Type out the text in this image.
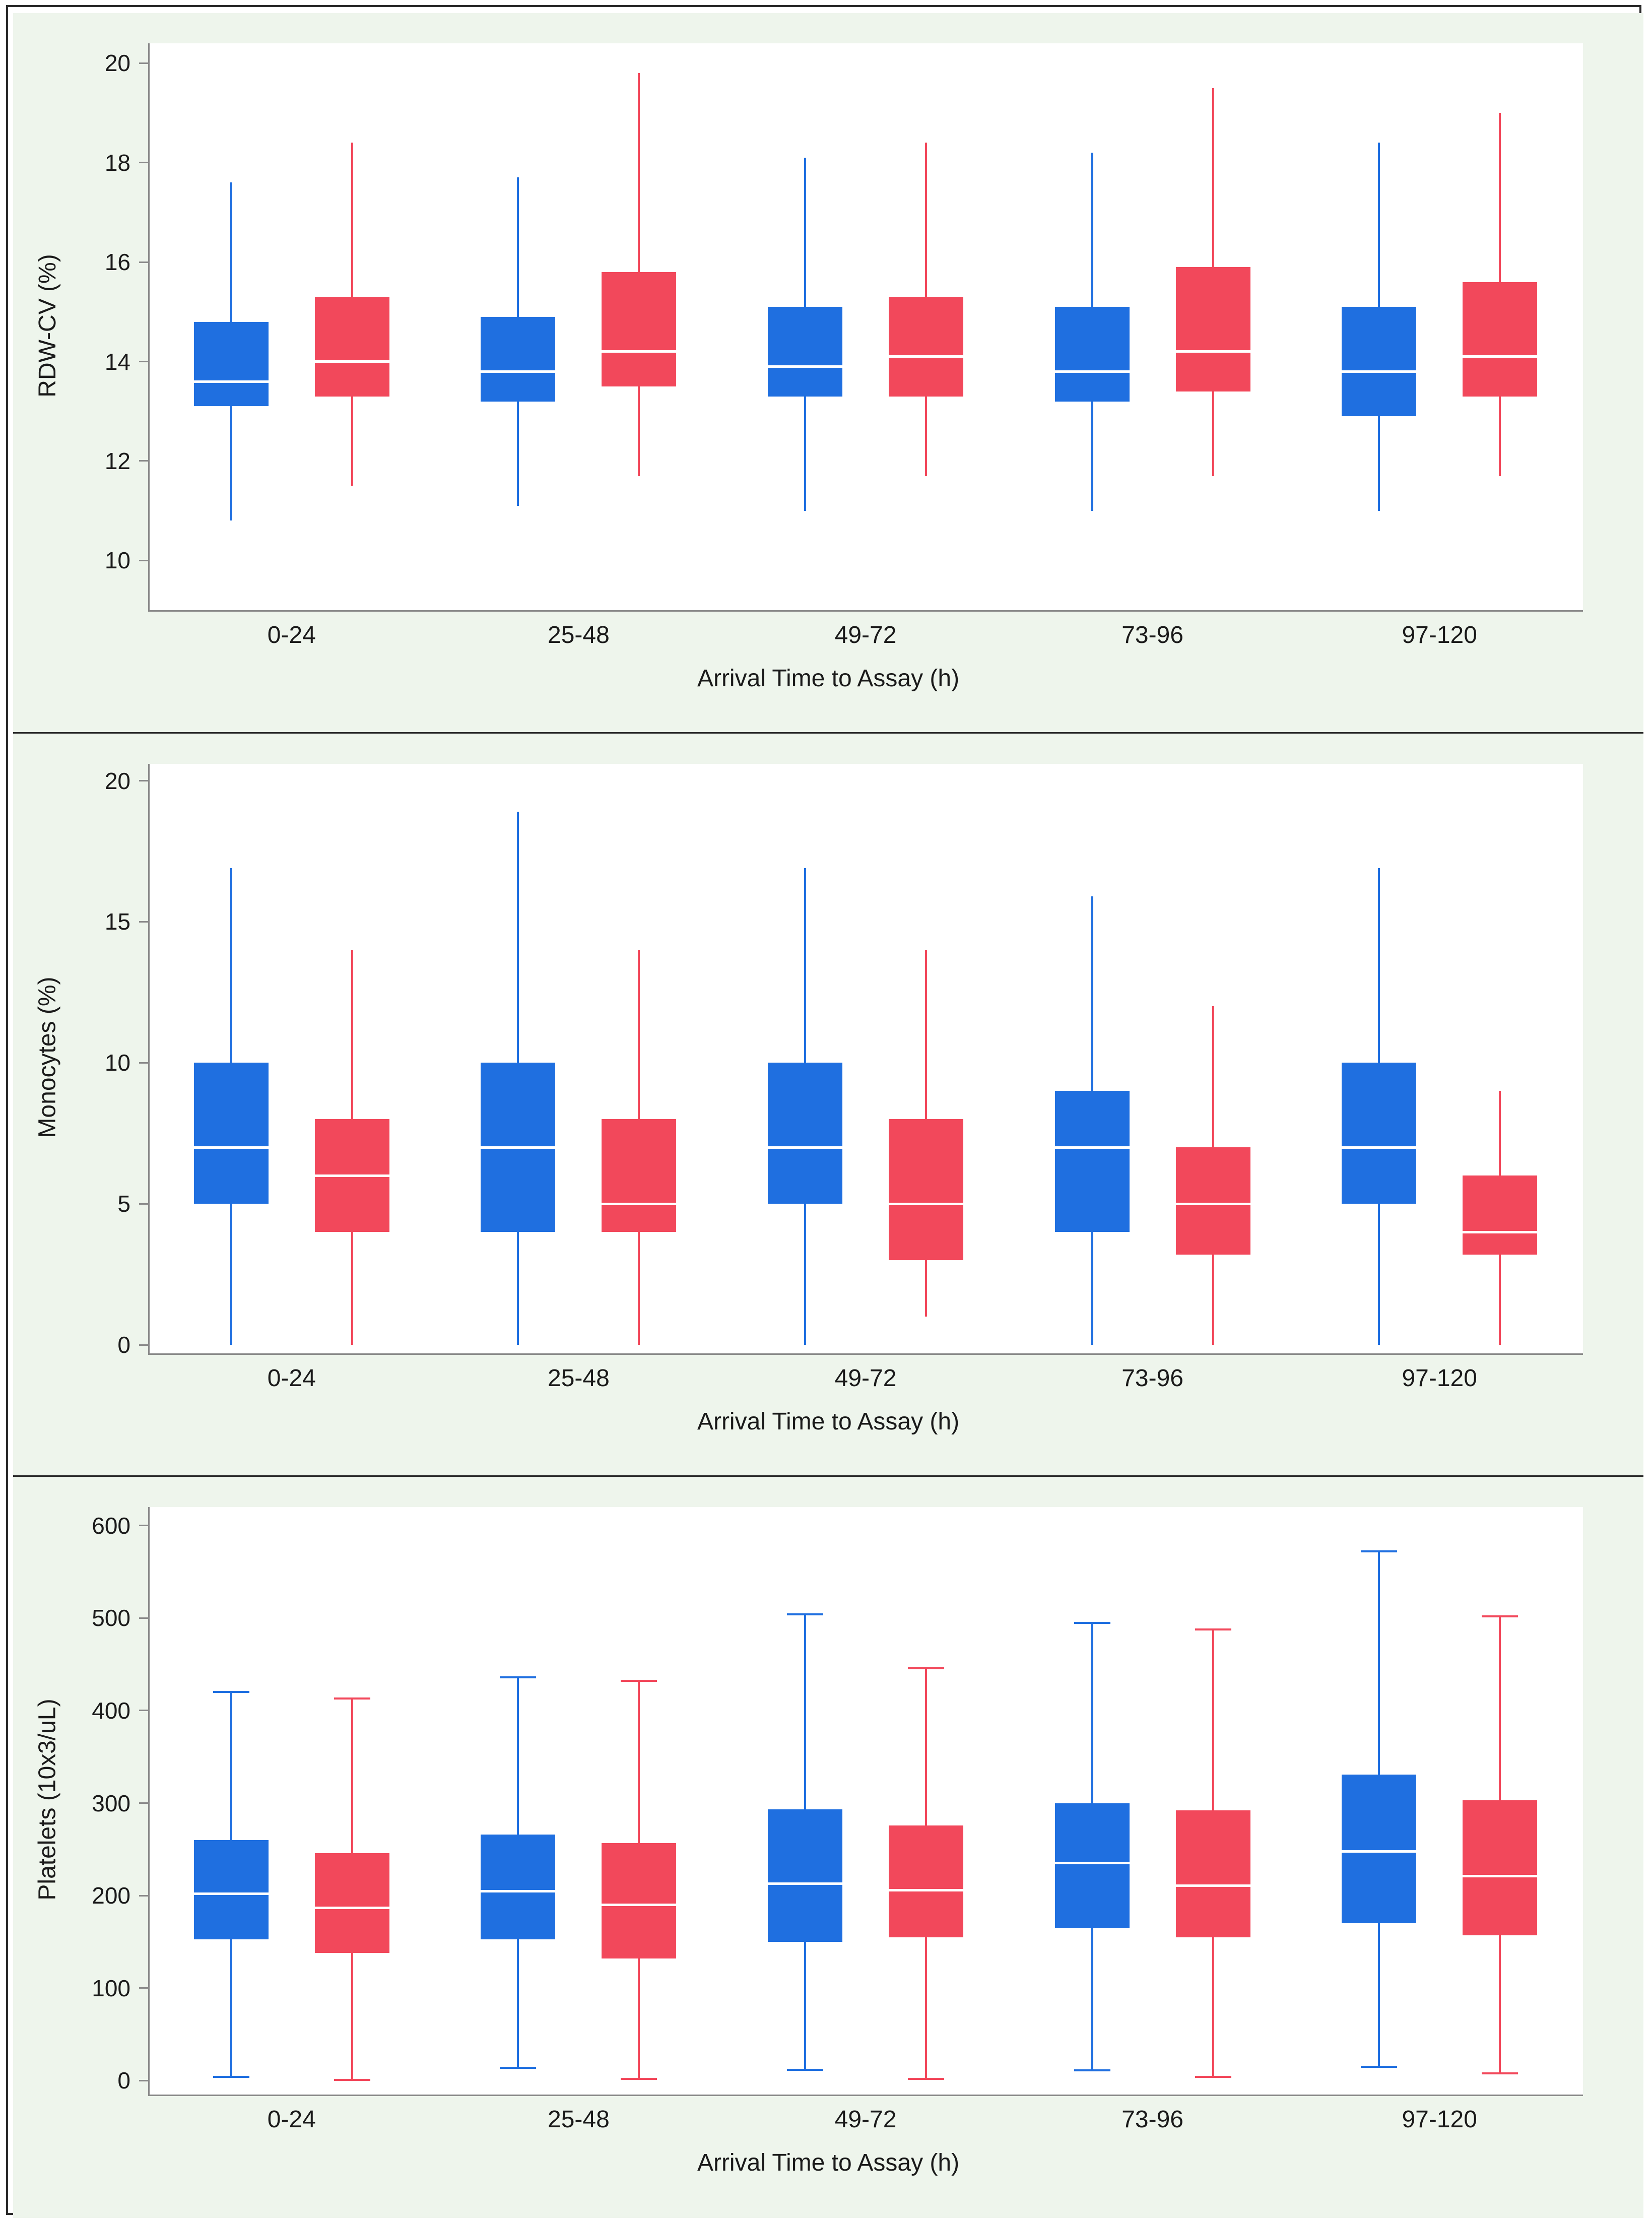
10
12
14
16
18
20
RDW-CV (%)
0-24	25-48	49-72	73-96	97-120
Arrival Time to Assay (h)
0
5
10
15
20
Monocytes (%)
0-24	25-48	49-72	73-96	97-120
Arrival Time to Assay (h)
0
100
200
300
400
500
600
Platelets (10x3/uL)
0-24	25-48	49-72	73-96	97-120
Arrival Time to Assay (h)
